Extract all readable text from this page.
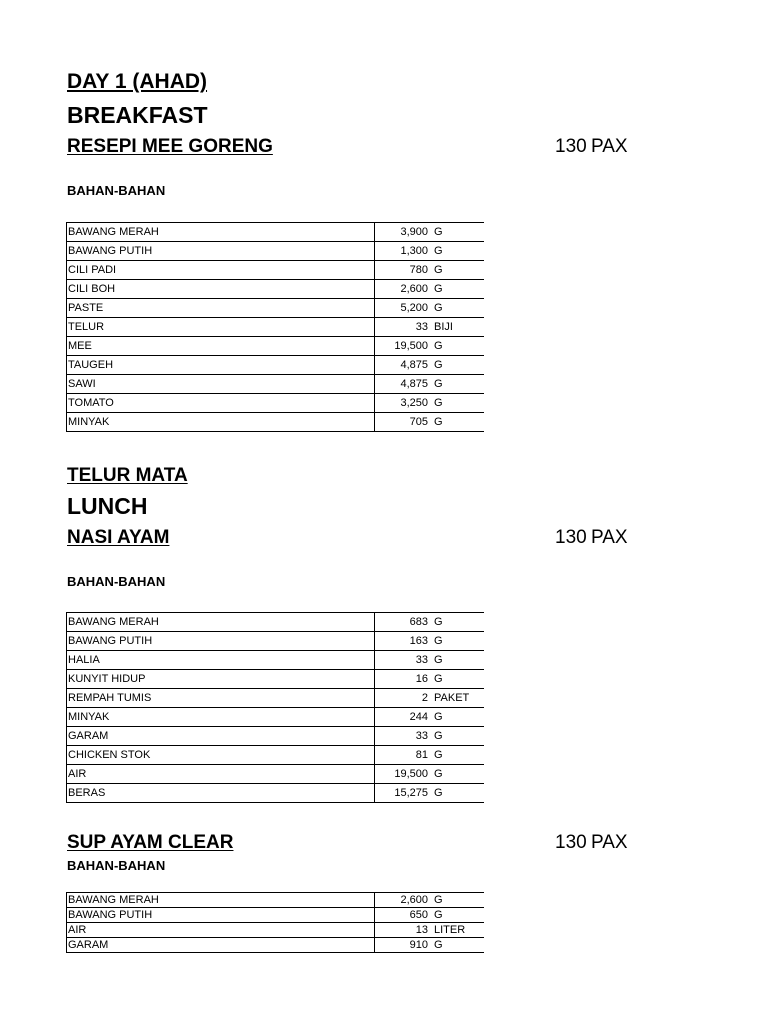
DAY 1 (AHAD)
BREAKFAST
RESEPI MEE GORENG	130 PAX
BAHAN-BAHAN
BAWANG MERAH	3,900 G
BAWANG PUTIH	1,300 G
CILI PADI	780 G
CILI BOH	2,600 G
PASTE	5,200 G
TELUR	33 BIJI
MEE	19,500 G
TAUGEH	4,875 G
SAWI	4,875 G
TOMATO	3,250 G
MINYAK	705 G
TELUR MATA
LUNCH
NASI AYAM	130 PAX
BAHAN-BAHAN
BAWANG MERAH	683 G
BAWANG PUTIH	163 G
HALIA	33 G
KUNYIT HIDUP	16 G
REMPAH TUMIS	2 PAKET
MINYAK	244 G
GARAM	33 G
CHICKEN STOK	81 G
AIR	19,500 G
BERAS	15,275 G
SUP AYAM CLEAR	130 PAX
BAHAN-BAHAN
BAWANG MERAH	2,600 G
BAWANG PUTIH	650 G
AIR	13 LITER
GARAM	910 G
